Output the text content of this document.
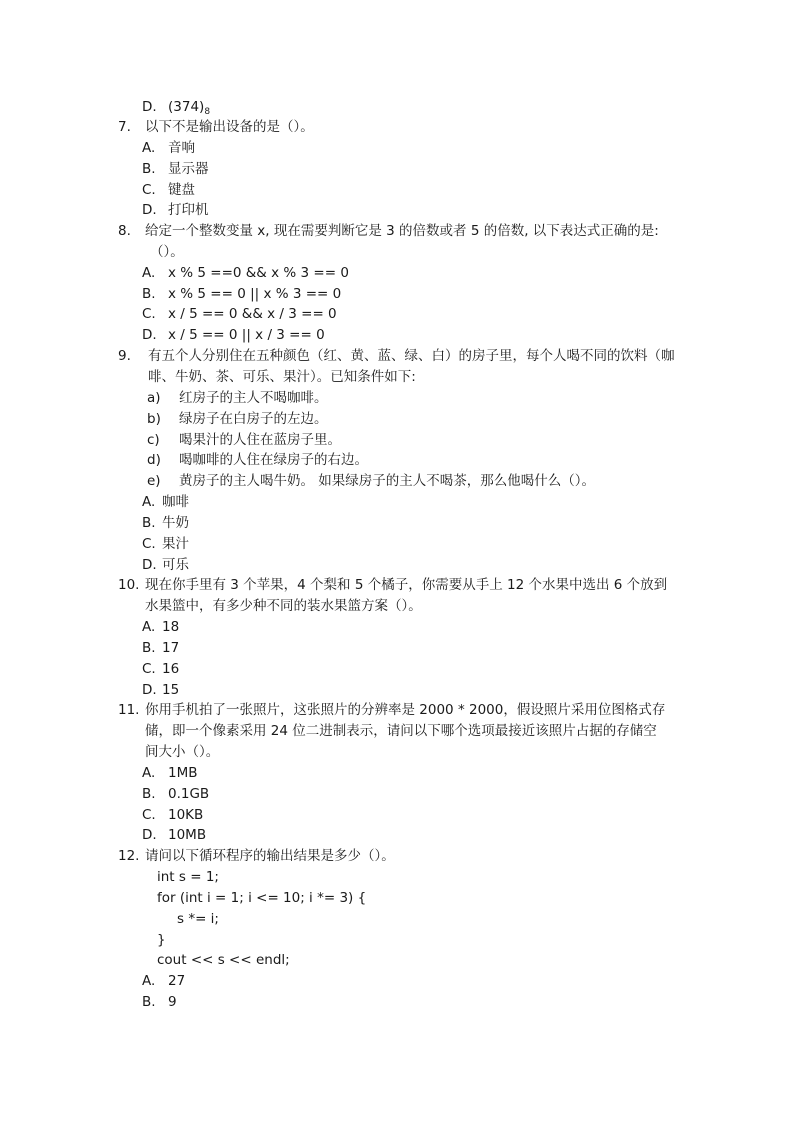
D. $(374)_8$
7. 以下不是输出设备的是（）。
A. 音响
B. 显示器
C. 键盘
D. 打印机
8. 给定一个整数变量 x, 现在需要判断它是 3 的倍数或者 5 的倍数, 以下表达式正确的是:
（）。
A. x % 5 ==0 && x % 3 == 0
B. x % 5 == 0 || x % 3 == 0
C. x / 5 == 0 && x / 3 == 0
D. x / 5 == 0 || x / 3 == 0
9. 有五个人分别住在五种颜色（红、黄、蓝、绿、白）的房子里，每个人喝不同的饮料（咖
啡、牛奶、茶、可乐、果汁）。已知条件如下:
a) 红房子的主人不喝咖啡。
b) 绿房子在白房子的左边。
c) 喝果汁的人住在蓝房子里。
d) 喝咖啡的人住在绿房子的右边。
e) 黄房子的主人喝牛奶。 如果绿房子的主人不喝茶，那么他喝什么（）。
A. 咖啡
B. 牛奶
C. 果汁
D. 可乐
10. 现在你手里有 3 个苹果，4 个梨和 5 个橘子，你需要从手上 12 个水果中选出 6 个放到
水果篮中，有多少种不同的装水果篮方案（）。
A. 18
B. 17
C. 16
D. 15
11. 你用手机拍了一张照片，这张照片的分辨率是 2000 * 2000，假设照片采用位图格式存
储，即一个像素采用 24 位二进制表示，请问以下哪个选项最接近该照片占据的存储空
间大小（）。
A. 1MB
B. 0.1GB
C. 10KB
D. 10MB
12. 请问以下循环程序的输出结果是多少（）。
int s = 1;
for (int i = 1; i <= 10; i *= 3) {
s *= i;
}
cout << s << endl;
A. 27
B. 9
